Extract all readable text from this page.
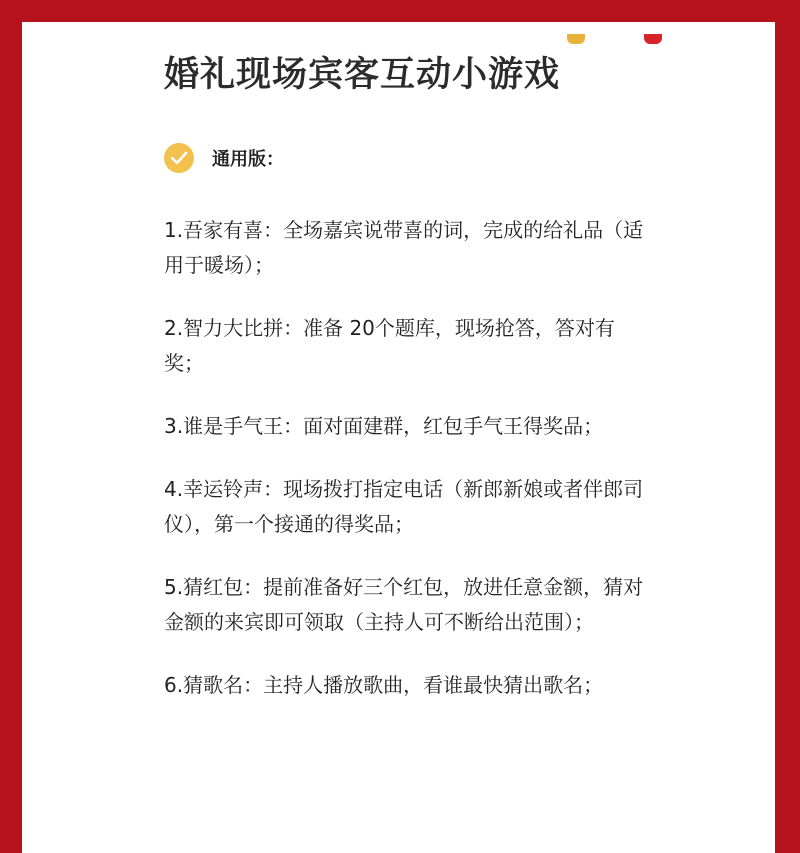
婚礼现场宾客互动小游戏
通用版：

1.吾家有喜：全场嘉宾说带喜的词，完成的给礼品（适用于暖场）；

2.智力大比拼：准备 20个题库，现场抢答，答对有奖；

3.谁是手气王：面对面建群，红包手气王得奖品；

4.幸运铃声：现场拨打指定电话（新郎新娘或者伴郎司仪），第一个接通的得奖品；

5.猜红包：提前准备好三个红包，放进任意金额，猜对金额的来宾即可领取（主持人可不断给出范围）；

6.猜歌名：主持人播放歌曲，看谁最快猜出歌名；
